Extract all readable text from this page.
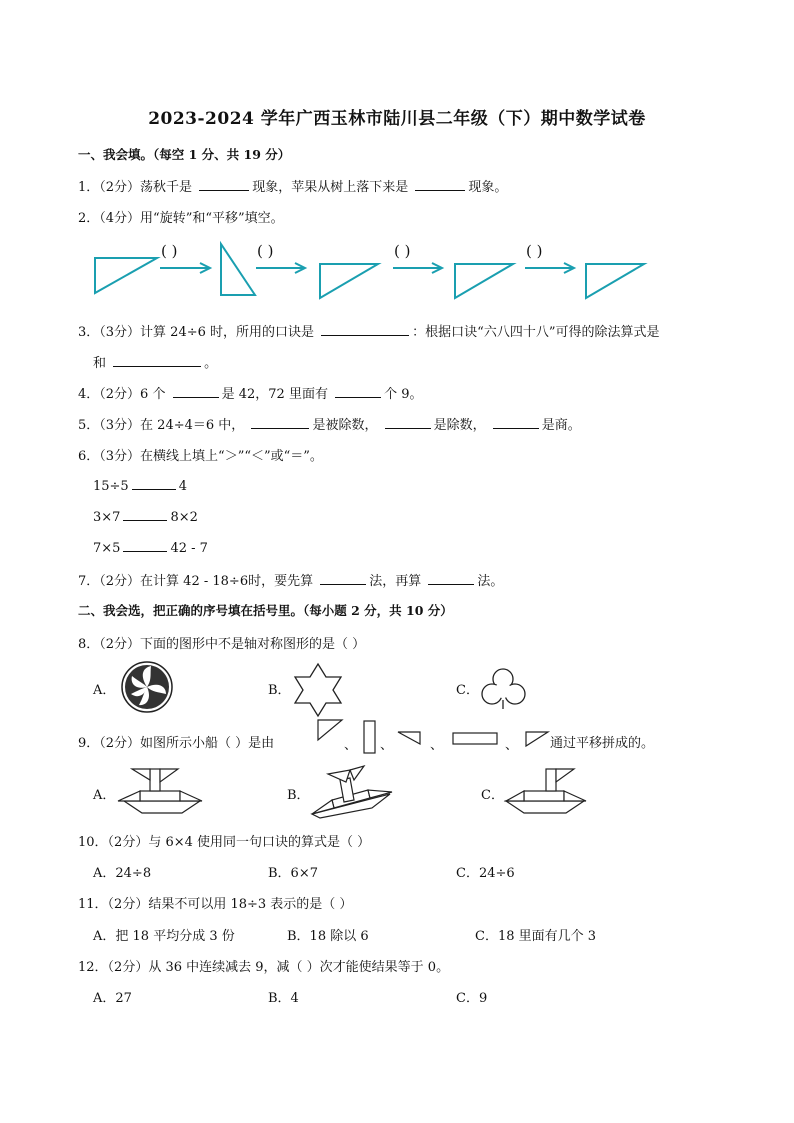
2023-2024 学年广西玉林市陆川县二年级（下）期中数学试卷
一、我会填。（每空 1 分、共 19 分）
1．（2分）荡秋千是	现象，苹果从树上落下来是	现象。
2．（4分）用“旋转”和“平移”填空。
( )	( )	( )	( )
3．（3分）计算 24÷6 时，所用的口诀是	：根据口诀“六八四十八”可得的除法算式是
和	。
4．（2分）6 个	是 42，72 里面有	个 9。
5．（3分）在 24÷4＝6 中，	是被除数，	是除数，	是商。
6．（3分）在横线上填上“＞”“＜”或“＝”。
15÷5	4
3×7	8×2
7×5	42 - 7
7．（2分）在计算 42 - 18÷6时，要先算	法，再算	法。
二、我会选，把正确的序号填在括号里。（每小题 2 分，共 10 分）
8．（2分）下面的图形中不是轴对称图形的是（ ）
A．	B．	C．
9．（2分）如图所示小船（ ）是由	、 、	、	、 通过平移拼成的。
A．	B．	C．
10．（2分）与 6×4 使用同一句口诀的算式是（ ）
A．24÷8	B．6×7	C．24÷6
11．（2分）结果不可以用 18÷3 表示的是（ ）
A．把 18 平均分成 3 份	B．18 除以 6	C．18 里面有几个 3
12．（2分）从 36 中连续减去 9，减（ ）次才能使结果等于 0。
A．27	B．4	C．9
